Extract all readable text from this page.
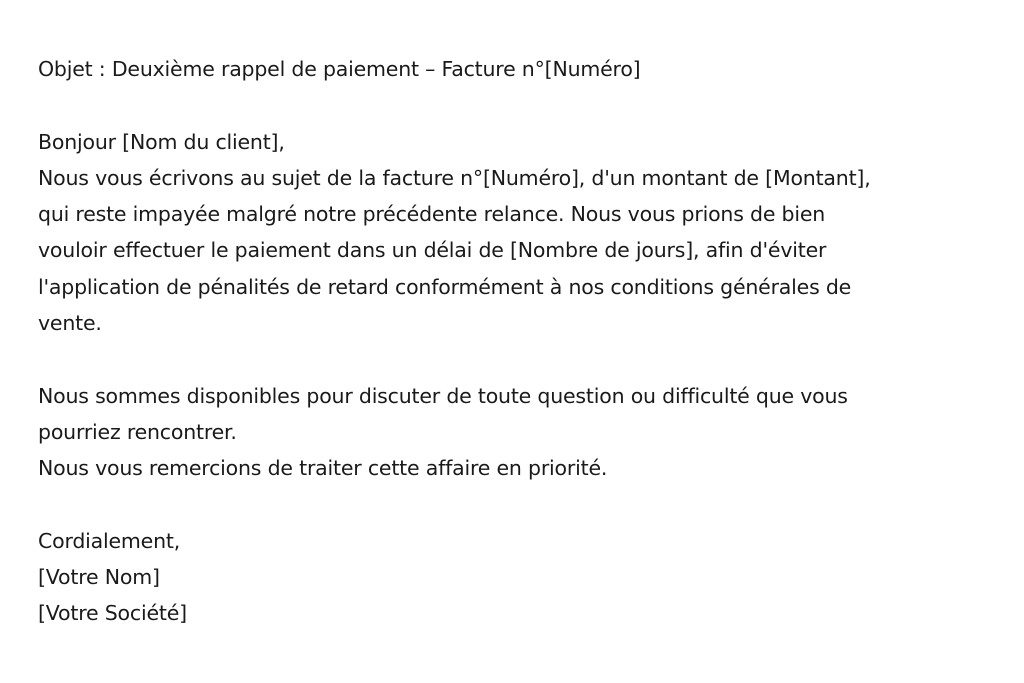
Objet : Deuxième rappel de paiement – Facture n°[Numéro]
Bonjour [Nom du client],
Nous vous écrivons au sujet de la facture n°[Numéro], d'un montant de [Montant],
qui reste impayée malgré notre précédente relance. Nous vous prions de bien
vouloir effectuer le paiement dans un délai de [Nombre de jours], afin d'éviter
l'application de pénalités de retard conformément à nos conditions générales de
vente.
Nous sommes disponibles pour discuter de toute question ou difficulté que vous
pourriez rencontrer.
Nous vous remercions de traiter cette affaire en priorité.
Cordialement,
[Votre Nom]
[Votre Société]
